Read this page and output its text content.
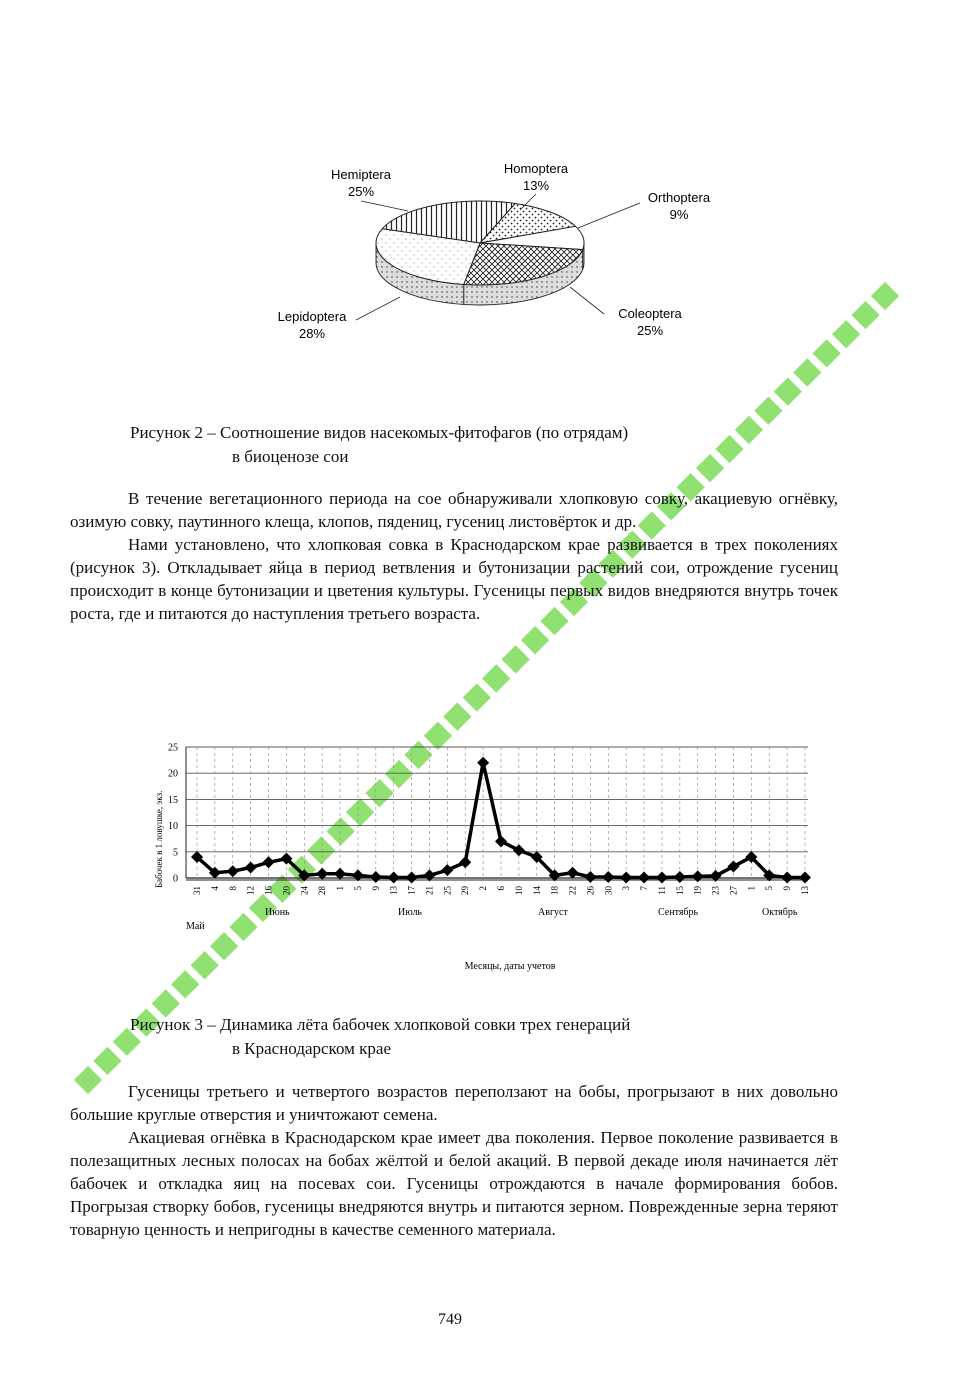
Hemiptera
25%
Homoptera
13%
Orthoptera
9%
Coleoptera
25%
Lepidoptera
28%
Рисунок 2 – Соотношение видов насекомых-фитофагов (по отрядам)
в биоценозе сои

В течение вегетационного периода на сое обнаруживали хлопковую совку, акациевую огнёвку, озимую совку, паутинного клеща, клопов, пядениц, гусениц листовёрток и др.

Нами установлено, что хлопковая совка в Краснодарском крае развивается в трех поколениях (рисунок 3). Откладывает яйца в период ветвления и бутонизации растений сои, отрождение гусениц происходит в конце бутонизации и цветения культуры. Гусеницы первых видов внедряются внутрь точек роста, где и питаются до наступления третьего возраста.

0
5
10
15
20
25
31 4 8 12 16 20 24 28 1 5 9 13 17 21 25 29 2 6 10 14 18 22 26 30 3 7 11 15 19 23 27 1 5 9 13
Май
Июнь	Июль	Август	Сентябрь	Октябрь
Бабочек в 1 ловушке, экз.
Месяцы, даты учетов
Рисунок 3 – Динамика лёта бабочек хлопковой совки трех генераций
в Краснодарском крае

Гусеницы третьего и четвертого возрастов переползают на бобы, прогрызают в них довольно большие круглые отверстия и уничтожают семена.

Акациевая огнёвка в Краснодарском крае имеет два поколения. Первое поколение развивается в полезащитных лесных полосах на бобах жёлтой и белой акаций. В первой декаде июля начинается лёт бабочек и откладка яиц на посевах сои. Гусеницы отрождаются в начале формирования бобов. Прогрызая створку бобов, гусеницы внедряются внутрь и питаются зерном. Поврежденные зерна теряют товарную ценность и непригодны в качестве семенного материала.

749
